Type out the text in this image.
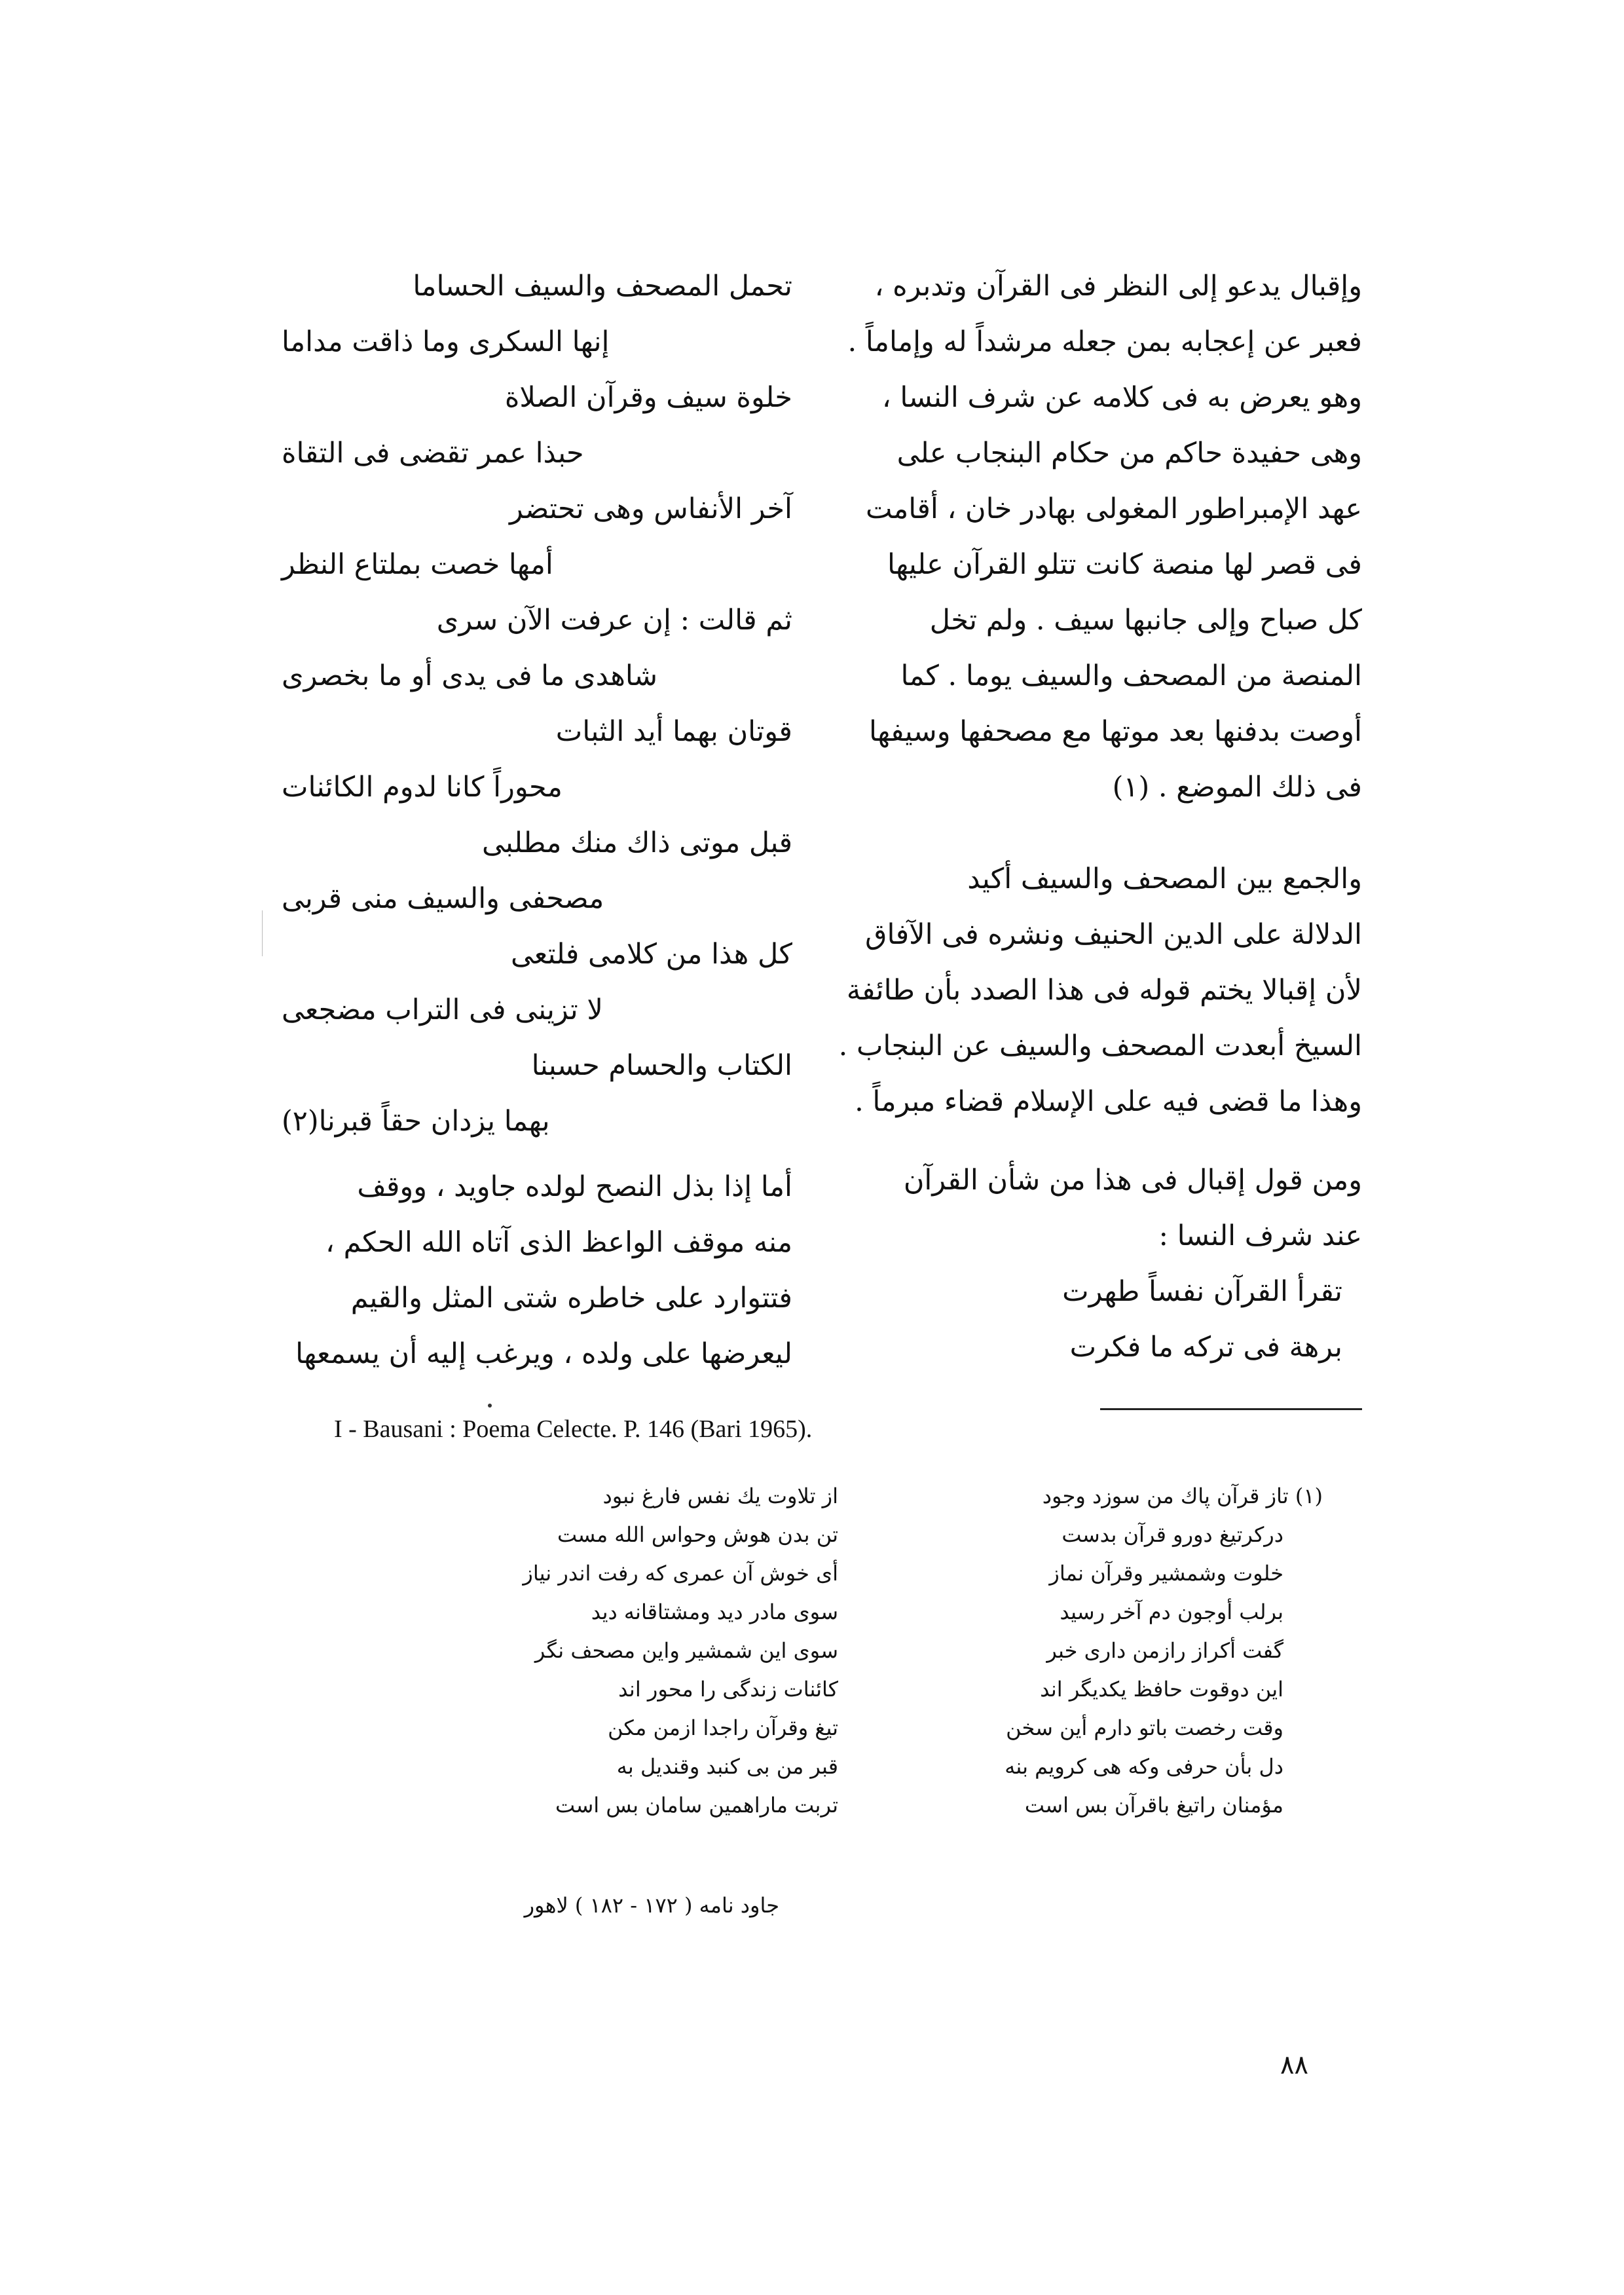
وإقبال يدعو إلى النظر فى القرآن وتدبره ،
فعبر عن إعجابه بمن جعله مرشداً له وإماماً .
وهو يعرض به فى كلامه عن شرف النسا ،
وهى حفيدة حاكم من حكام البنجاب على
عهد الإمبراطور المغولى بهادر خان ، أقامت
فى قصر لها منصة كانت تتلو القرآن عليها
كل صباح وإلى جانبها سيف . ولم تخل
المنصة من المصحف والسيف يوما . كما
أوصت بدفنها بعد موتها مع مصحفها وسيفها
فى ذلك الموضع . (١)
والجمع بين المصحف والسيف أكيد
الدلالة على الدين الحنيف ونشره فى الآفاق
لأن إقبالا يختم قوله فى هذا الصدد بأن طائفة
السيخ أبعدت المصحف والسيف عن البنجاب .
وهذا ما قضى فيه على الإسلام قضاء مبرماً .
ومن قول إقبال فى هذا من شأن القرآن
عند شرف النسا :
تقرأ القرآن نفساً طهرت
برهة فى تركه ما فكرت
تحمل المصحف والسيف الحساما
إنها السكرى وما ذاقت مداما
خلوة سيف وقرآن الصلاة
حبذا عمر تقضى فى التقاة
آخر الأنفاس وهى تحتضر
أمها خصت بملتاع النظر
ثم قالت : إن عرفت الآن سرى
شاهدى ما فى يدى أو ما بخصرى
قوتان بهما أيد الثبات
محوراً كانا لدوم الكائنات
قبل موتى ذاك منك مطلبى
مصحفى والسيف منى قربى
كل هذا من كلامى فلتعى
لا تزينى فى التراب مضجعى
الكتاب والحسام حسبنا
بهما يزدان حقاً قبرنا(٢)
أما إذا بذل النصح لولده جاويد ، ووقف
منه موقف الواعظ الذى آتاه الله الحكم ،
فتتوارد على خاطره شتى المثل والقيم
ليعرضها على ولده ، ويرغب إليه أن يسمعها
I - Bausani : Poema Celecte. P. 146 (Bari 1965).
(١) تاز قرآن پاك من سوزد وجود
دركرتيغ دورو قرآن بدست
خلوت وشمشير وقرآن نماز
برلب أوجون دم آخر رسيد
گفت أكراز رازمن دارى خبر
اين دوقوت حافظ يكديگر اند
وقت رخصت باتو دارم أين سخن
دل بأن حرفى وكه هى كرويم بنه
مؤمنان راتيغ باقرآن بس است
از تلاوت يك نفس فارغ نبود
تن بدن هوش وحواس الله مست
أى خوش آن عمرى كه رفت اندر نياز
سوى مادر ديد ومشتاقانه ديد
سوى اين شمشير واين مصحف نگر
كائنات زندگى را محور اند
تيغ وقرآن راجدا ازمن مكن
قبر من بى كنبد وقنديل به
تربت ماراهمين سامان بس است
جاود نامه ( ١٧٢ - ١٨٢ ) لاهور
٨٨
